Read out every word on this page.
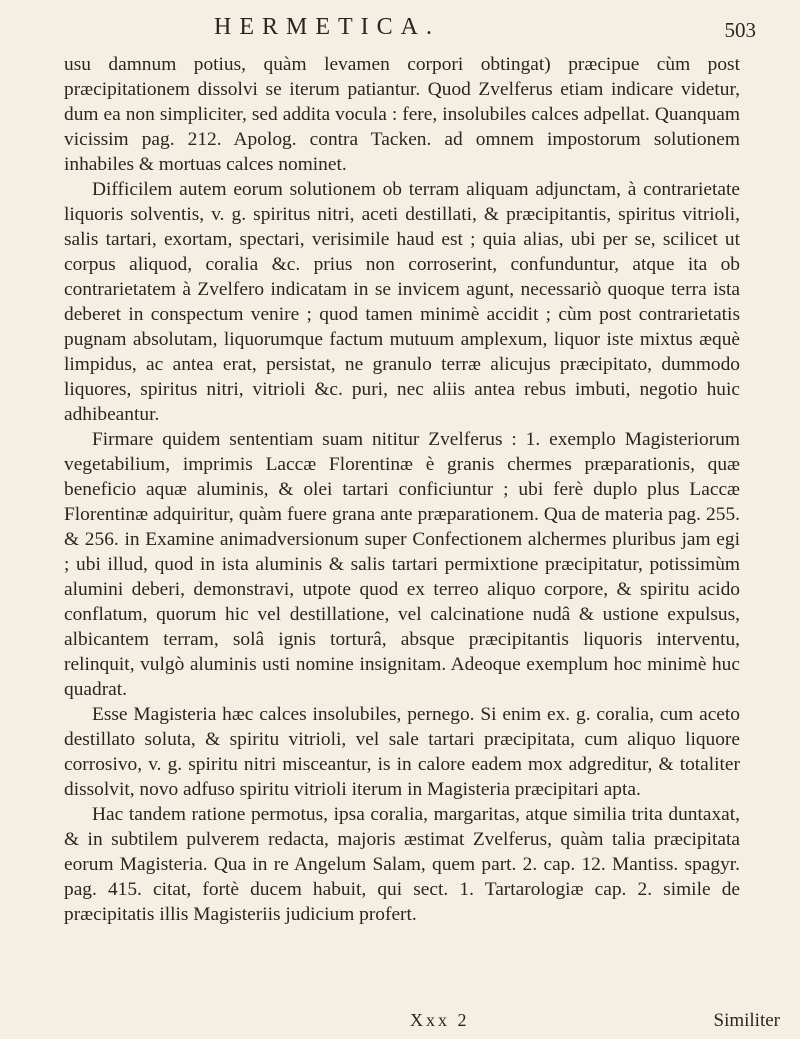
HERMETICA.	503

usu damnum potius, quàm levamen corpori obtingat) præcipue cùm post præcipitationem dissolvi se iterum patiantur. Quod Zvelferus etiam indicare videtur, dum ea non simpliciter, sed addita vocula : fere, insolubiles calces adpellat. Quanquam vicissim pag. 212. Apolog. contra Tacken. ad omnem impostorum solutionem inhabiles & mortuas calces nominet.

Difficilem autem eorum solutionem ob terram aliquam adjunctam, à contrarietate liquoris solventis, v. g. spiritus nitri, aceti destillati, & præcipitantis, spiritus vitrioli, salis tartari, exortam, spectari, verisimile haud est ; quia alias, ubi per se, scilicet ut corpus aliquod, coralia &c. prius non corroserint, confunduntur, atque ita ob contrarietatem à Zvelfero indicatam in se invicem agunt, necessariò quoque terra ista deberet in conspectum venire ; quod tamen minimè accidit ; cùm post contrarietatis pugnam absolutam, liquorumque factum mutuum amplexum, liquor iste mixtus æquè limpidus, ac antea erat, persistat, ne granulo terræ alicujus præcipitato, dummodo liquores, spiritus nitri, vitrioli &c. puri, nec aliis antea rebus imbuti, negotio huic adhibeantur.

Firmare quidem sententiam suam nititur Zvelferus : 1. exemplo Magisteriorum vegetabilium, imprimis Laccæ Florentinæ è granis chermes præparationis, quæ beneficio aquæ aluminis, & olei tartari conficiuntur ; ubi ferè duplo plus Laccæ Florentinæ adquiritur, quàm fuere grana ante præparationem. Qua de materia pag. 255. & 256. in Examine animadversionum super Confectionem alchermes pluribus jam egi ; ubi illud, quod in ista aluminis & salis tartari permixtione præcipitatur, potissimùm alumini deberi, demonstravi, utpote quod ex terreo aliquo corpore, & spiritu acido conflatum, quorum hic vel destillatione, vel calcinatione nudâ & ustione expulsus, albicantem terram, solâ ignis torturâ, absque præcipitantis liquoris interventu, relinquit, vulgò aluminis usti nomine insignitam. Adeoque exemplum hoc minimè huc quadrat.

Esse Magisteria hæc calces insolubiles, pernego. Si enim ex. g. coralia, cum aceto destillato soluta, & spiritu vitrioli, vel sale tartari præcipitata, cum aliquo liquore corrosivo, v. g. spiritu nitri misceantur, is in calore eadem mox adgreditur, & totaliter dissolvit, novo adfuso spiritu vitrioli iterum in Magisteria præcipitari apta.

Hac tandem ratione permotus, ipsa coralia, margaritas, atque similia trita duntaxat, & in subtilem pulverem redacta, majoris æstimat Zvelferus, quàm talia præcipitata eorum Magisteria. Qua in re Angelum Salam, quem part. 2. cap. 12. Mantiss. spagyr. pag. 415. citat, fortè ducem habuit, qui sect. 1. Tartarologiæ cap. 2. simile de præcipitatis illis Magisteriis judicium profert.

Xxx 2	Similiter
